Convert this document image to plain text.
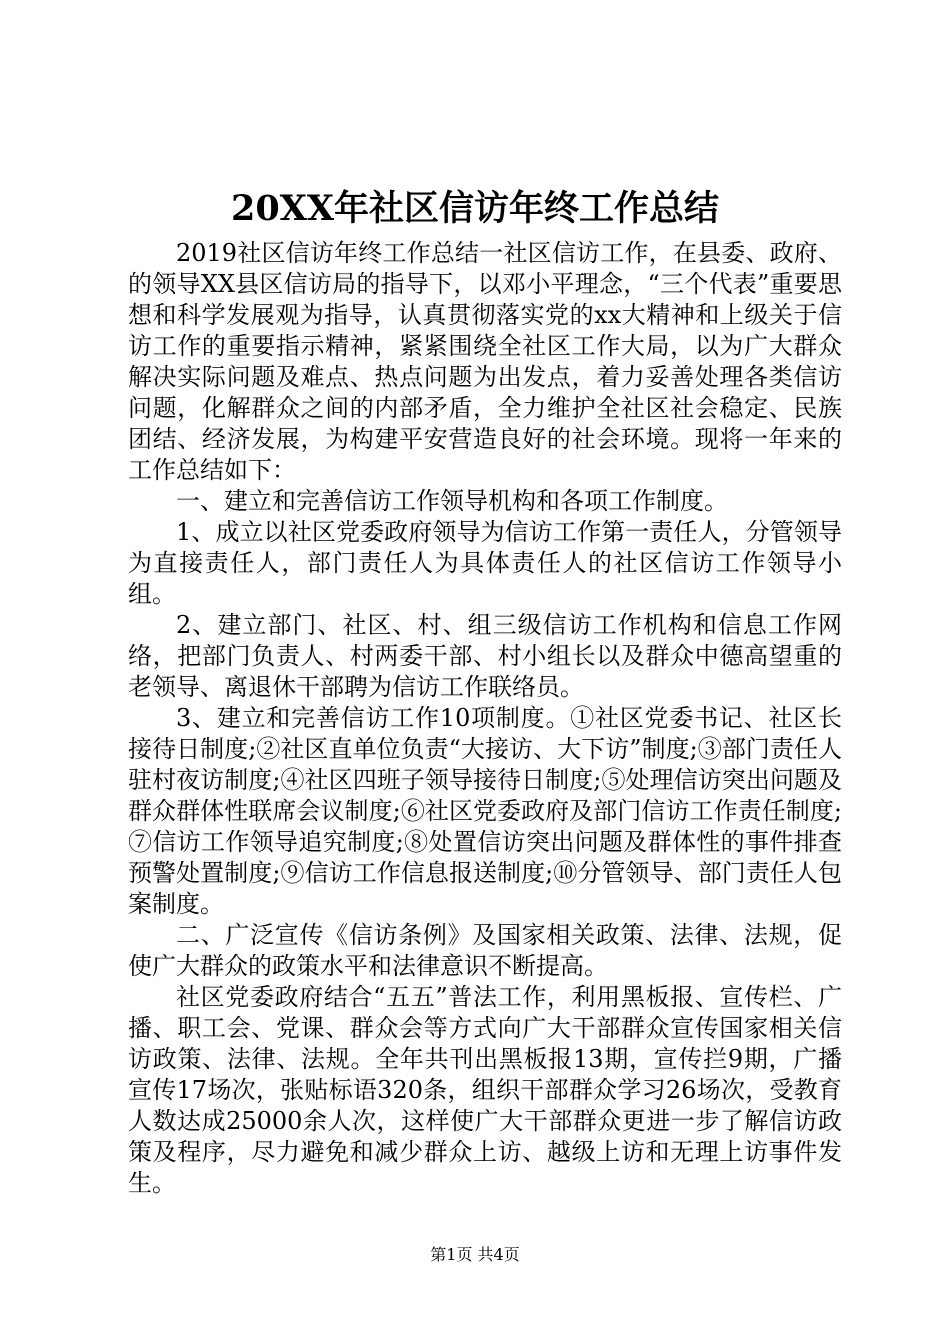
20XX年社区信访年终工作总结

2019社区信访年终工作总结一社区信访工作，在县委、政府、的领导XX县区信访局的指导下，以邓小平理念，“三个代表”重要思想和科学发展观为指导，认真贯彻落实党的xx大精神和上级关于信访工作的重要指示精神，紧紧围绕全社区工作大局，以为广大群众解决实际问题及难点、热点问题为出发点，着力妥善处理各类信访问题，化解群众之间的内部矛盾，全力维护全社区社会稳定、民族团结、经济发展，为构建平安营造良好的社会环境。现将一年来的工作总结如下：

一、建立和完善信访工作领导机构和各项工作制度。

1、成立以社区党委政府领导为信访工作第一责任人，分管领导为直接责任人，部门责任人为具体责任人的社区信访工作领导小组。

2、建立部门、社区、村、组三级信访工作机构和信息工作网络，把部门负责人、村两委干部、村小组长以及群众中德高望重的老领导、离退休干部聘为信访工作联络员。

3、建立和完善信访工作10项制度。①社区党委书记、社区长接待日制度;②社区直单位负责“大接访、大下访”制度;③部门责任人驻村夜访制度;④社区四班子领导接待日制度;⑤处理信访突出问题及群众群体性联席会议制度;⑥社区党委政府及部门信访工作责任制度;⑦信访工作领导追究制度;⑧处置信访突出问题及群体性的事件排查预警处置制度;⑨信访工作信息报送制度;⑩分管领导、部门责任人包案制度。

二、广泛宣传《信访条例》及国家相关政策、法律、法规，促使广大群众的政策水平和法律意识不断提高。

社区党委政府结合“五五”普法工作，利用黑板报、宣传栏、广播、职工会、党课、群众会等方式向广大干部群众宣传国家相关信访政策、法律、法规。全年共刊出黑板报13期，宣传拦9期，广播宣传17场次，张贴标语320条，组织干部群众学习26场次，受教育人数达成25000余人次，这样使广大干部群众更进一步了解信访政策及程序，尽力避免和减少群众上访、越级上访和无理上访事件发生。

第1页 共4页
